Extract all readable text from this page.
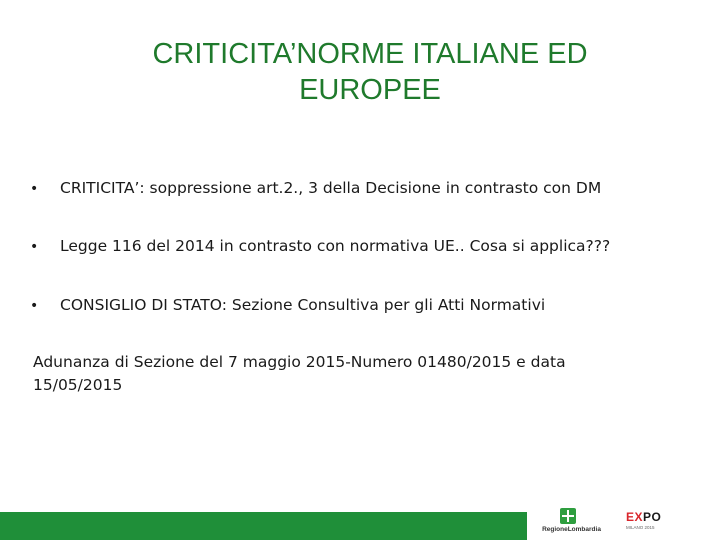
CRITICITA’NORME ITALIANE ED EUROPEE
• CRITICITA’: soppressione art.2., 3 della Decisione in contrasto con DM
• Legge 116 del 2014 in contrasto con normativa UE.. Cosa si applica???
• CONSIGLIO DI STATO: Sezione Consultiva per gli Atti Normativi
Adunanza di Sezione del 7 maggio 2015-Numero 01480/2015 e data 15/05/2015
RegioneLombardia
EXPO
MILANO 2015
